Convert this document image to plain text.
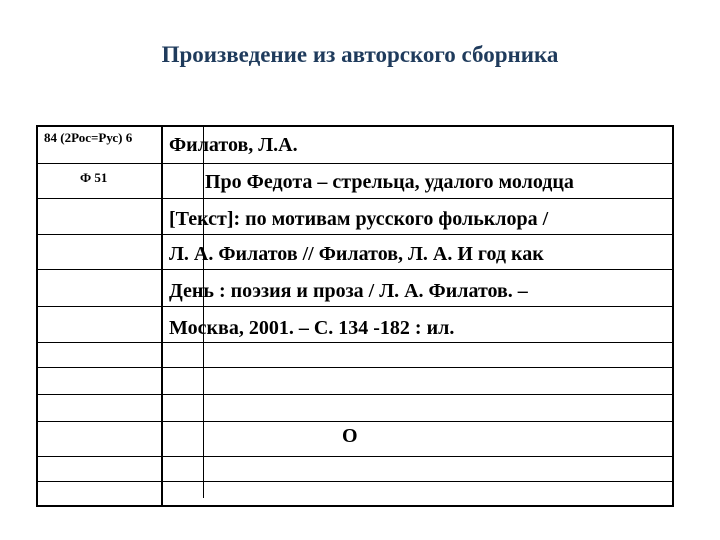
Произведение из авторского сборника
84 (2Рос=Рус) 6
Ф 51
Филатов, Л.А.
Про Федота – стрельца, удалого молодца
[Текст]: по мотивам русского фольклора /
Л. А. Филатов // Филатов, Л. А. И год как
День : поэзия и проза / Л. А. Филатов. –
Москва, 2001. – С. 134 -182 : ил.
О
